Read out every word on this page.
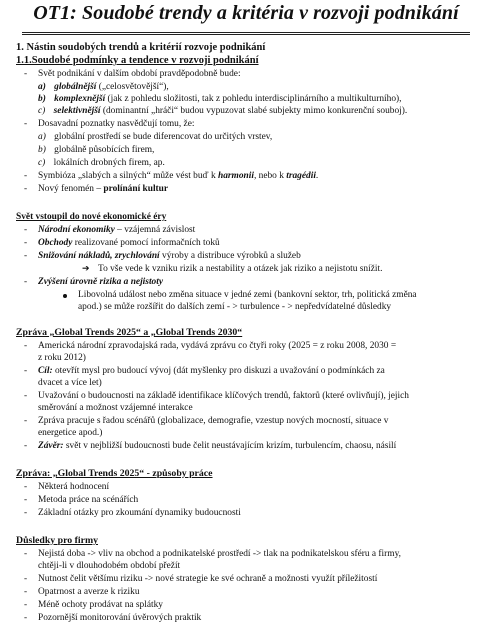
OT1: Soudobé trendy a kritéria v rozvoji podnikání
1. Nástin soudobých trendů a kritérií rozvoje podnikání
1.1.Soudobé podmínky a tendence v rozvoji podnikání
- Svět podnikání v dalším období pravděpodobně bude:
a) globálnější („celosvětovější“),
b) komplexnější (jak z pohledu složitosti, tak z pohledu interdisciplinárního a multikulturního),
c) selektivnější (dominantní „hráči“ budou vypuzovat slabé subjekty mimo konkurenční souboj).
- Dosavadní poznatky nasvědčují tomu, že:
a) globální prostředí se bude diferencovat do určitých vrstev,
b) globálně působících firem,
c) lokálních drobných firem, ap.
- Symbióza „slabých a silných“ může vést buď k harmonii, nebo k tragédii.
- Nový fenomén – prolínání kultur
Svět vstoupil do nové ekonomické éry
- Národní ekonomiky – vzájemná závislost
- Obchody realizované pomocí informačních toků
- Snižování nákladů, zrychlování výroby a distribuce výrobků a služeb
➔ To vše vede k vzniku rizik a nestability a otázek jak riziko a nejistotu snížit.
- Zvýšení úrovně rizika a nejistoty
Libovolná událost nebo změna situace v jedné zemi (bankovní sektor, trh, politická změna
apod.) se může rozšířit do dalších zemí - > turbulence - > nepředvídatelné důsledky
Zpráva „Global Trends 2025“ a „Global Trends 2030“
- Americká národní zpravodajská rada, vydává zprávu co čtyři roky (2025 = z roku 2008, 2030 =
z roku 2012)
- Cíl: otevřít mysl pro budoucí vývoj (dát myšlenky pro diskuzi a uvažování o podmínkách za
dvacet a více let)
- Uvažování o budoucnosti na základě identifikace klíčových trendů, faktorů (které ovlivňují), jejich
směrování a možnost vzájemné interakce
- Zpráva pracuje s řadou scénářů (globalizace, demografie, vzestup nových mocností, situace v
energetice apod.)
- Závěr: svět v nejbližší budoucnosti bude čelit neustávajícím krizím, turbulencím, chaosu, násilí
Zpráva: „Global Trends 2025“ - způsoby práce
- Některá hodnocení
- Metoda práce na scénářích
- Základní otázky pro zkoumání dynamiky budoucnosti
Důsledky pro firmy
- Nejistá doba -> vliv na obchod a podnikatelské prostředí -> tlak na podnikatelskou sféru a firmy,
chtěji-li v dlouhodobém období přežít
- Nutnost čelit většímu riziku -> nové strategie ke své ochraně a možnosti využít příležitostí
- Opatrnost a averze k riziku
- Méně ochoty prodávat na splátky
- Pozornější monitorování úvěrových praktik
